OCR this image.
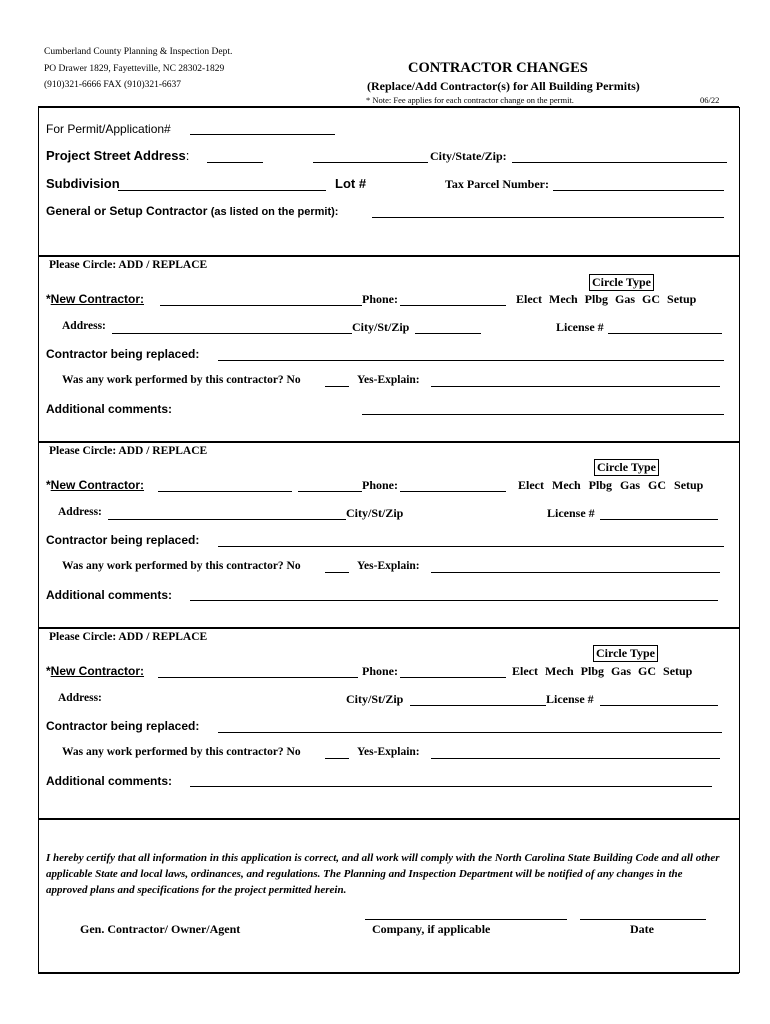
Cumberland County Planning & Inspection Dept.
PO Drawer 1829, Fayetteville, NC 28302-1829
(910)321-6666 FAX (910)321-6637
CONTRACTOR CHANGES
(Replace/Add Contractor(s) for All Building Permits)
* Note: Fee applies for each contractor change on the permit.	06/22
For Permit/Application#
Project Street Address:	City/State/Zip:
Subdivision	Lot #	Tax Parcel Number:
General or Setup Contractor (as listed on the permit):
Please Circle: ADD / REPLACE
Circle Type
*New Contractor:	Phone:	Elect Mech Plbg Gas GC Setup
Address:	City/St/Zip	License #
Contractor being replaced:
Was any work performed by this contractor? No	Yes-Explain:
Additional comments:
Please Circle: ADD / REPLACE
Circle Type
*New Contractor:	Phone:	Elect Mech Plbg Gas GC Setup
Address:	City/St/Zip	License #
Contractor being replaced:
Was any work performed by this contractor? No	Yes-Explain:
Additional comments:
Please Circle: ADD / REPLACE
Circle Type
*New Contractor:	Phone:	Elect Mech Plbg Gas GC Setup
Address:	City/St/Zip	License #
Contractor being replaced:
Was any work performed by this contractor? No	Yes-Explain:
Additional comments:
I hereby certify that all information in this application is correct, and all work will comply with the North Carolina State Building Code and all other applicable State and local laws, ordinances, and regulations. The Planning and Inspection Department will be notified of any changes in the approved plans and specifications for the project permitted herein.
Gen. Contractor/ Owner/Agent	Company, if applicable	Date
